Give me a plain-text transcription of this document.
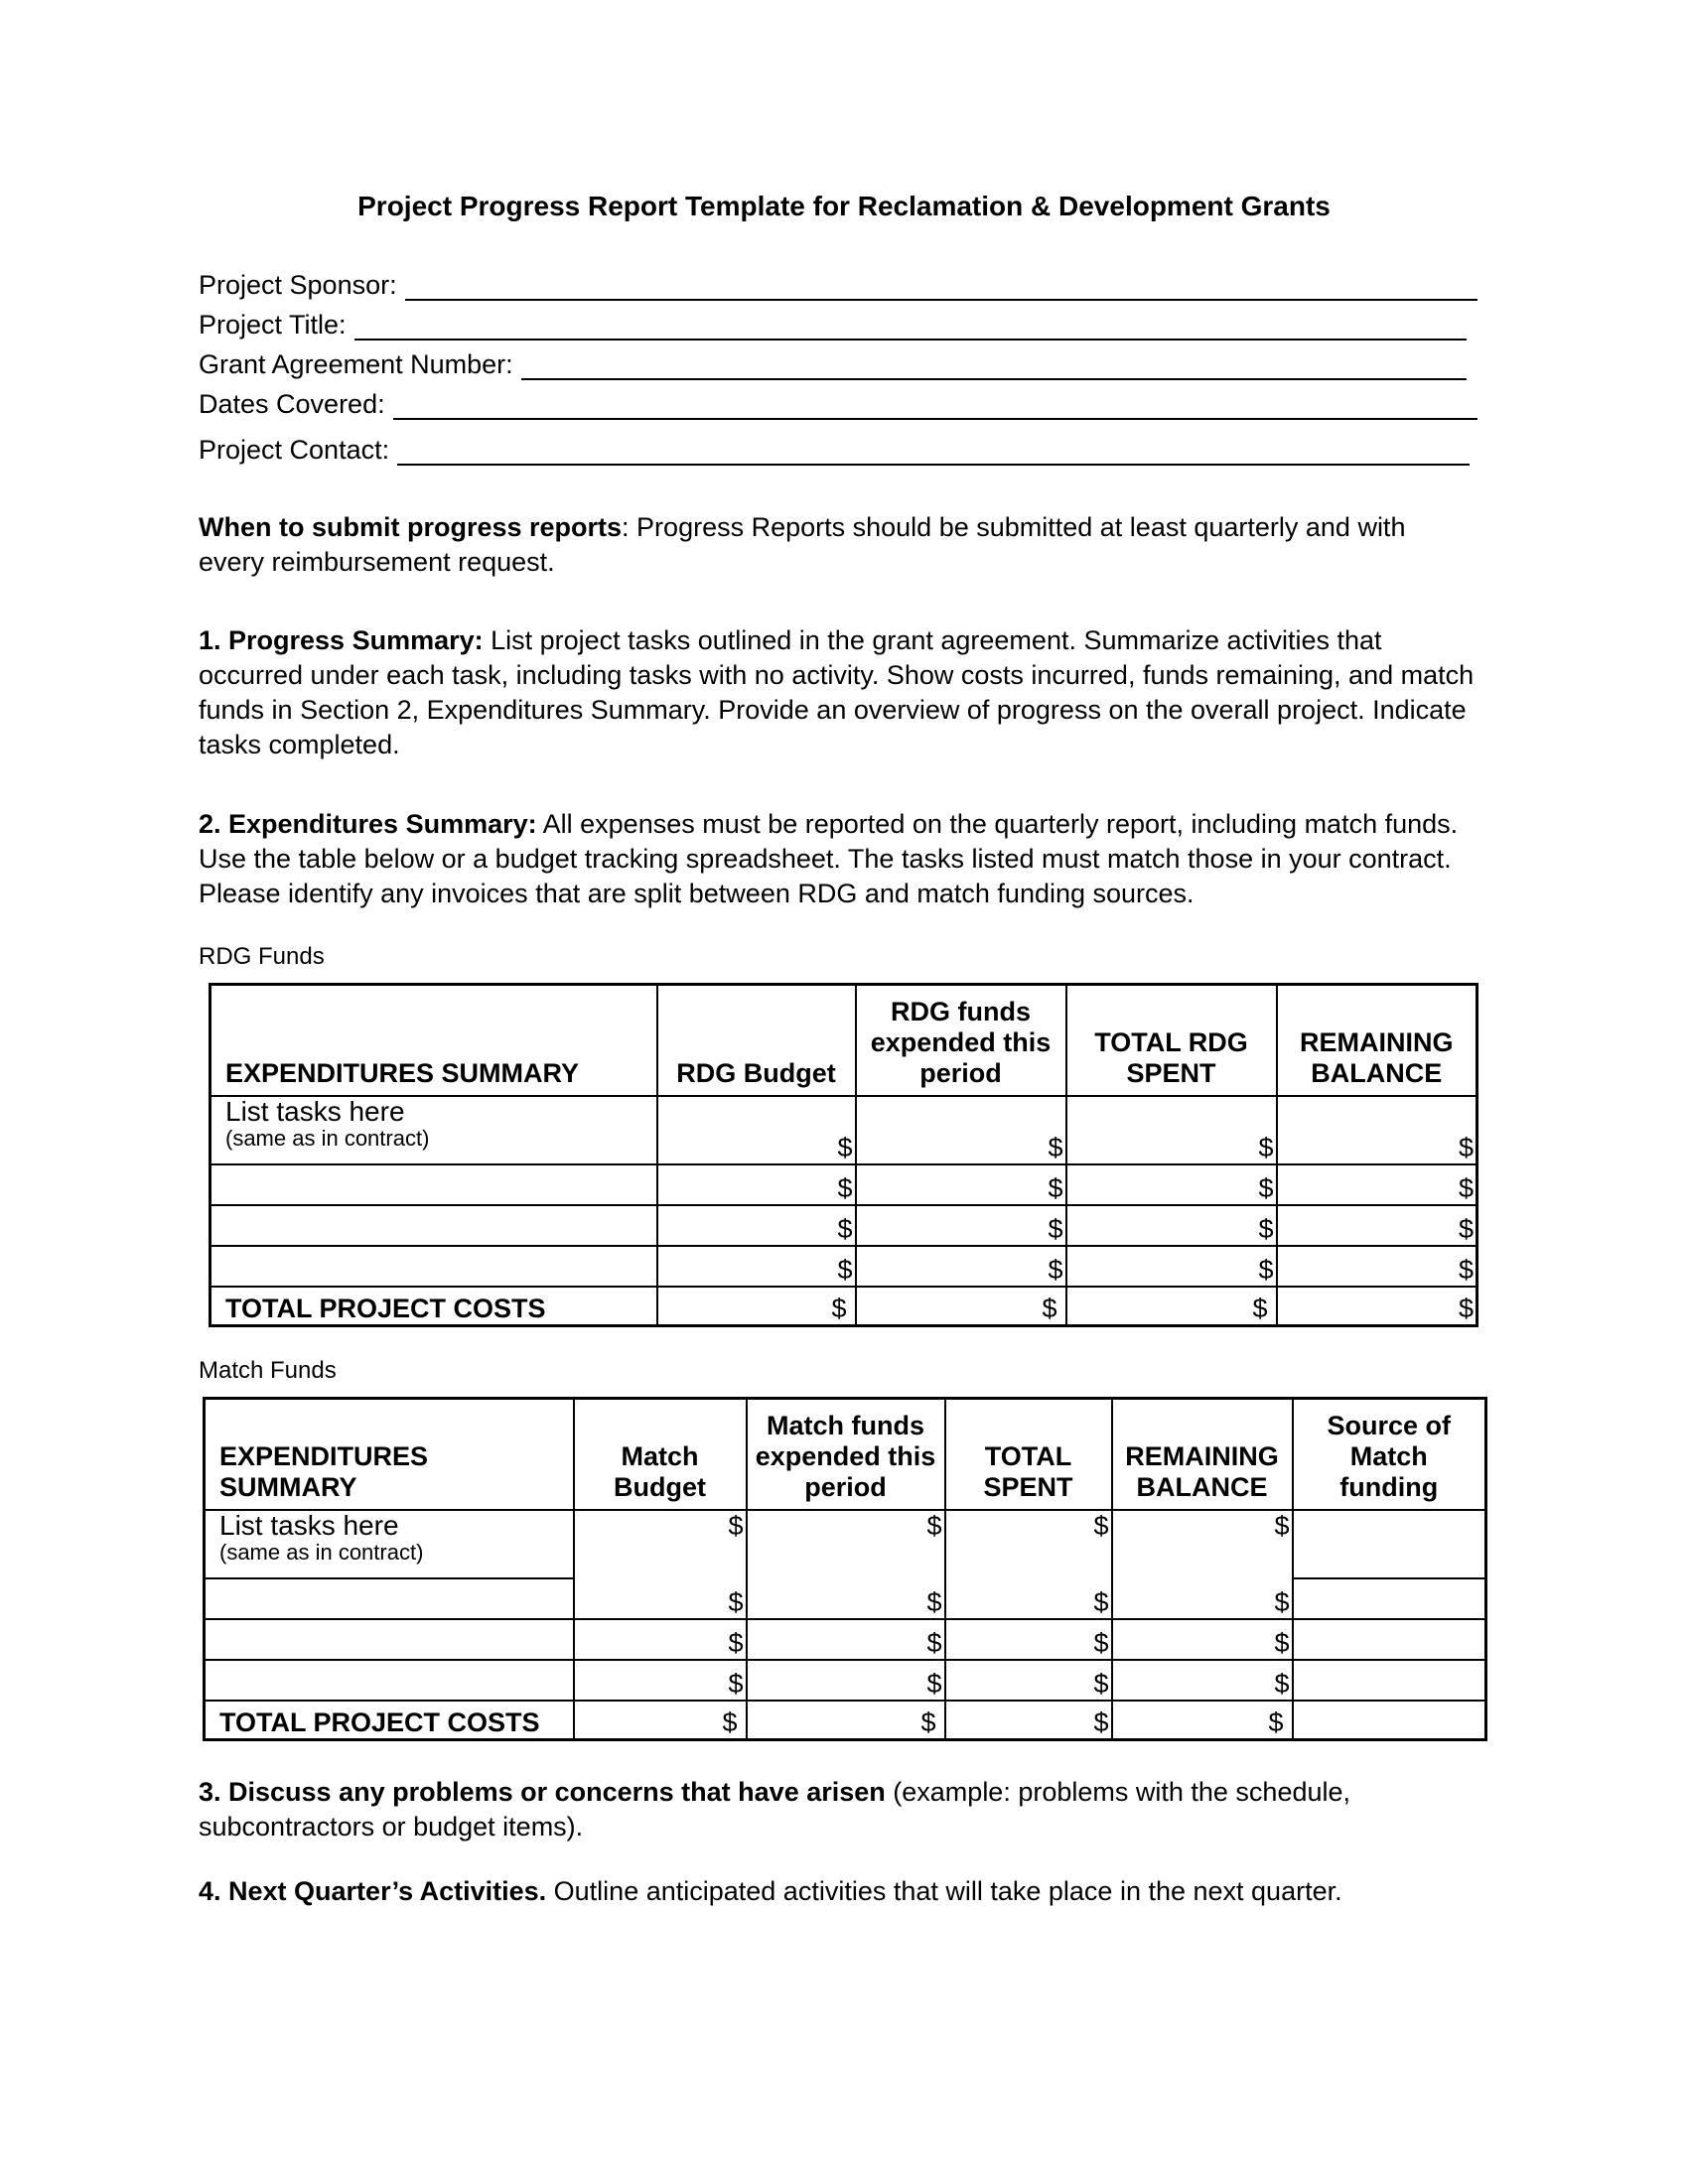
Project Progress Report Template for Reclamation & Development Grants
Project Sponsor:
Project Title:
Grant Agreement Number:
Dates Covered:
Project Contact:
When to submit progress reports: Progress Reports should be submitted at least quarterly and with every reimbursement request.
1. Progress Summary: List project tasks outlined in the grant agreement. Summarize activities that occurred under each task, including tasks with no activity. Show costs incurred, funds remaining, and match funds in Section 2, Expenditures Summary. Provide an overview of progress on the overall project. Indicate tasks completed.
2. Expenditures Summary: All expenses must be reported on the quarterly report, including match funds. Use the table below or a budget tracking spreadsheet. The tasks listed must match those in your contract. Please identify any invoices that are split between RDG and match funding sources.
RDG Funds
EXPENDITURES SUMMARY	RDG Budget	RDG funds expended this period	TOTAL RDG SPENT	REMAINING BALANCE

List tasks here
(same as in contract)	$	$	$	$
	$	$	$	$
	$	$	$	$
	$	$	$	$
TOTAL PROJECT COSTS	$	$	$	$
Match Funds
EXPENDITURES SUMMARY	Match Budget	Match funds expended this period	TOTAL SPENT	REMAINING BALANCE	Source of Match funding

List tasks here
(same as in contract)	$	$	$	$	
	$	$	$	$	
	$	$	$	$	
	$	$	$	$	
TOTAL PROJECT COSTS	$	$	$	$	
3. Discuss any problems or concerns that have arisen (example: problems with the schedule, subcontractors or budget items).
4. Next Quarter’s Activities. Outline anticipated activities that will take place in the next quarter.
